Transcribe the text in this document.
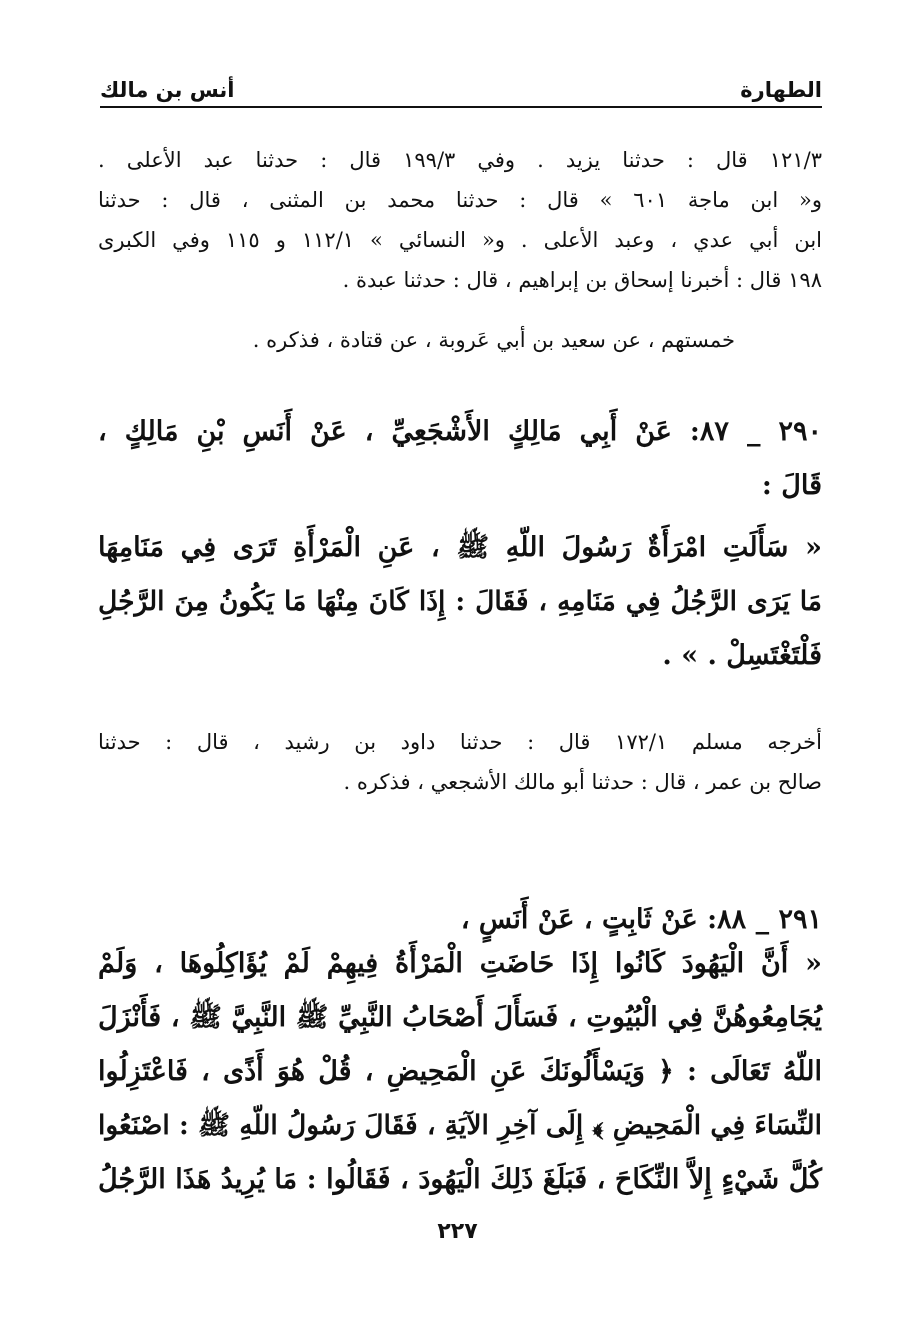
الطهارة
أنس بن مالك
١٢١/٣ قال : حدثنا يزيد . وفي ١٩٩/٣ قال : حدثنا عبد الأعلى .
و« ابن ماجة ٦٠١ » قال : حدثنا محمد بن المثنى ، قال : حدثنا
ابن أبي عدي ، وعبد الأعلى . و« النسائي » ١١٢/١ و ١١٥ وفي الكبرى
١٩٨ قال : أخبرنا إسحاق بن إبراهيم ، قال : حدثنا عبدة .
خمستهم ، عن سعيد بن أبي عَروبة ، عن قتادة ، فذكره .
٢٩٠ _ ٨٧: عَنْ أَبِي مَالِكٍ الأَشْجَعِيِّ ، عَنْ أَنَسِ بْنِ مَالِكٍ ،
قَالَ :
« سَأَلَتِ امْرَأَةٌ رَسُولَ اللّهِ ﷺ ، عَنِ الْمَرْأَةِ تَرَى فِي مَنَامِهَا
مَا يَرَى الرَّجُلُ فِي مَنَامِهِ ، فَقَالَ : إِذَا كَانَ مِنْهَا مَا يَكُونُ مِنَ الرَّجُلِ
فَلْتَغْتَسِلْ . » .
أخرجه مسلم ١٧٢/١ قال : حدثنا داود بن رشيد ، قال : حدثنا
صالح بن عمر ، قال : حدثنا أبو مالك الأشجعي ، فذكره .
٢٩١ _ ٨٨: عَنْ ثَابِتٍ ، عَنْ أَنَسٍ ،
« أَنَّ الْيَهُودَ كَانُوا إِذَا حَاضَتِ الْمَرْأَةُ فِيهِمْ لَمْ يُؤَاكِلُوهَا ، وَلَمْ
يُجَامِعُوهُنَّ فِي الْبُيُوتِ ، فَسَأَلَ أَصْحَابُ النَّبِيِّ ﷺ النَّبِيَّ ﷺ ، فَأَنْزَلَ
اللّهُ تَعَالَى : ﴿ وَيَسْأَلُونَكَ عَنِ الْمَحِيضِ ، قُلْ هُوَ أَذًى ، فَاعْتَزِلُوا
النِّسَاءَ فِي الْمَحِيضِ ﴾ إِلَى آخِرِ الآيَةِ ، فَقَالَ رَسُولُ اللّهِ ﷺ : اصْنَعُوا
كُلَّ شَيْءٍ إِلاَّ النِّكَاحَ ، فَبَلَغَ ذَلِكَ الْيَهُودَ ، فَقَالُوا : مَا يُرِيدُ هَذَا الرَّجُلُ
٢٢٧
